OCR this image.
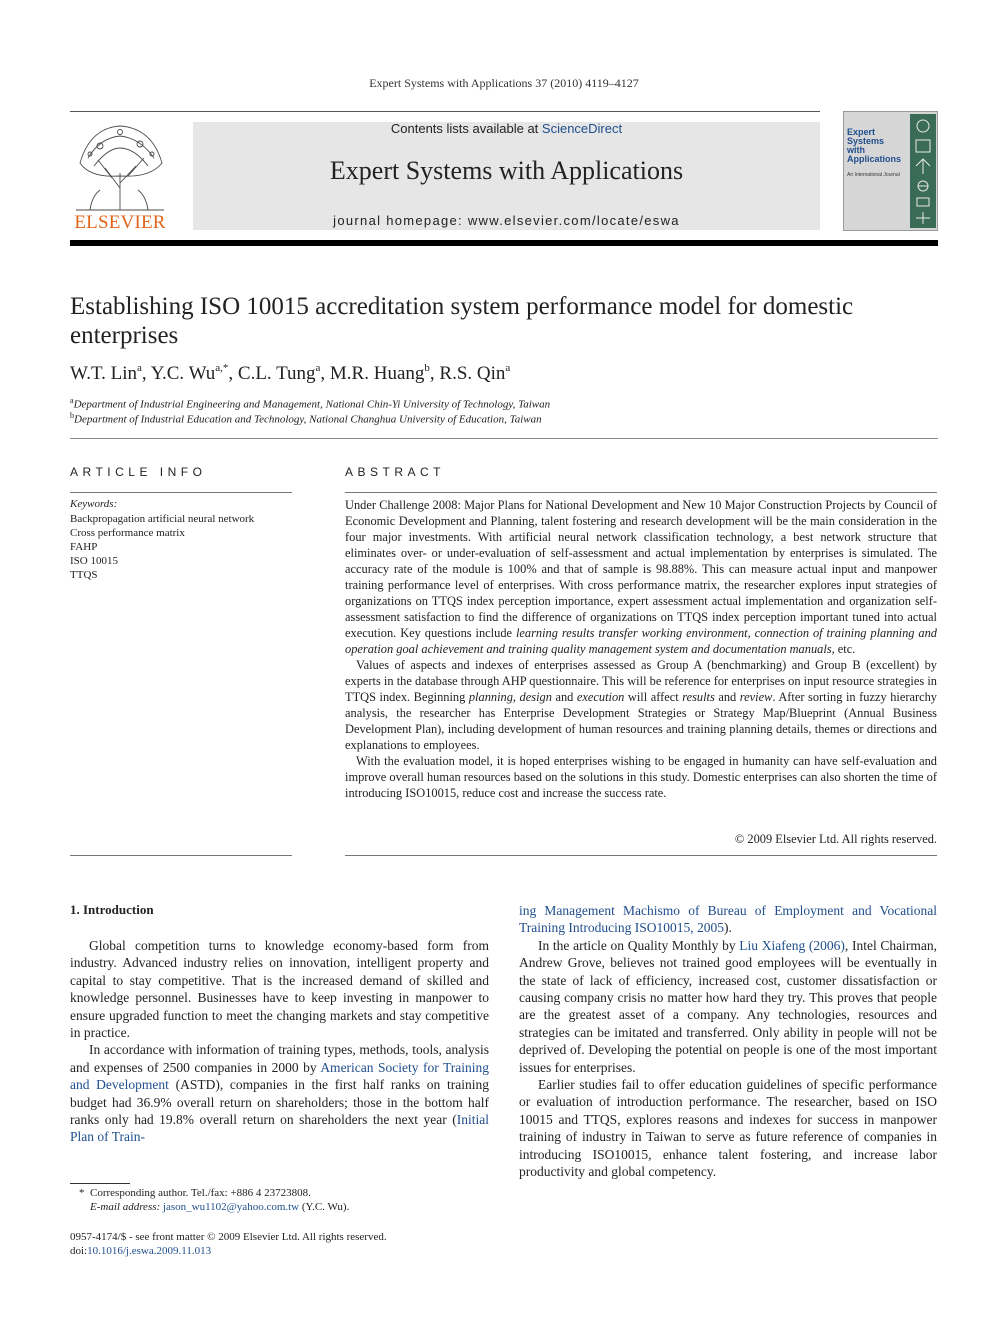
Expert Systems with Applications 37 (2010) 4119–4127
ELSEVIER
Contents lists available at ScienceDirect
Expert Systems with Applications
journal homepage: www.elsevier.com/locate/eswa
Expert
Systems
with
Applications
An International Journal
Establishing ISO 10015 accreditation system performance model for domestic enterprises
W.T. Lin$^a$, Y.C. $Wu^{a,*}$, C.L. Tung$^a$, M.R. Huang$^b$, R.S. Qin$^a$
$^a$Department of Industrial Engineering and Management, National Chin-Yi University of Technology, Taiwan
$^b$Department of Industrial Education and Technology, National Changhua University of Education, Taiwan
ARTICLE INFO
Keywords:
Backpropagation artificial neural network
Cross performance matrix
FAHP
ISO 10015
TTQS
ABSTRACT

Under Challenge 2008: Major Plans for National Development and New 10 Major Construction Projects by Council of Economic Development and Planning, talent fostering and research development will be the main consideration in the four major investments. With artificial neural network classification technology, a best network structure that eliminates over- or under-evaluation of self-assessment and actual implementation by enterprises is simulated. The accuracy rate of the module is 100% and that of sample is 98.88%. This can measure actual input and manpower training performance level of enterprises. With cross performance matrix, the researcher explores input strategies of organizations on TTQS index perception importance, expert assessment actual implementation and organization self-assessment satisfaction to find the difference of organizations on TTQS index perception important tuned into actual execution. Key questions include learning results transfer working environment, connection of training planning and operation goal achievement and training quality management system and documentation manuals, etc.

Values of aspects and indexes of enterprises assessed as Group A (benchmarking) and Group B (excellent) by experts in the database through AHP questionnaire. This will be reference for enterprises on input resource strategies in TTQS index. Beginning planning, design and execution will affect results and review. After sorting in fuzzy hierarchy analysis, the researcher has Enterprise Development Strategies or Strategy Map/Blueprint (Annual Business Development Plan), including development of human resources and training planning details, themes or directions and explanations to employees.

With the evaluation model, it is hoped enterprises wishing to be engaged in humanity can have self-evaluation and improve overall human resources based on the solutions in this study. Domestic enterprises can also shorten the time of introducing ISO10015, reduce cost and increase the success rate.

© 2009 Elsevier Ltd. All rights reserved.
1. Introduction

Global competition turns to knowledge economy-based form from industry. Advanced industry relies on innovation, intelligent property and capital to stay competitive. That is the increased demand of skilled and knowledge personnel. Businesses have to keep investing in manpower to ensure upgraded function to meet the changing markets and stay competitive in practice.

In accordance with information of training types, methods, tools, analysis and expenses of 2500 companies in 2000 by American Society for Training and Development (ASTD), companies in the first half ranks on training budget had 36.9% overall return on shareholders; those in the bottom half ranks only had 19.8% overall return on shareholders the next year (Initial Plan of Train-

ing Management Machismo of Bureau of Employment and Vocational Training Introducing ISO10015, 2005).

In the article on Quality Monthly by Liu Xiafeng (2006), Intel Chairman, Andrew Grove, believes not trained good employees will be eventually in the state of lack of efficiency, increased cost, customer dissatisfaction or causing company crisis no matter how hard they try. This proves that people are the greatest asset of a company. Any technologies, resources and strategies can be imitated and transferred. Only ability in people will not be deprived of. Developing the potential on people is one of the most important issues for enterprises.

Earlier studies fail to offer education guidelines of specific performance or evaluation of introduction performance. The researcher, based on ISO 10015 and TTQS, explores reasons and indexes for success in manpower training of industry in Taiwan to serve as future reference of companies in introducing ISO10015, enhance talent fostering, and increase labor productivity and global competency.

* Corresponding author. Tel./fax: +886 4 23723808.
E-mail address: jason_wu1102@yahoo.com.tw (Y.C. Wu).
0957-4174/$ - see front matter © 2009 Elsevier Ltd. All rights reserved.
doi:10.1016/j.eswa.2009.11.013
